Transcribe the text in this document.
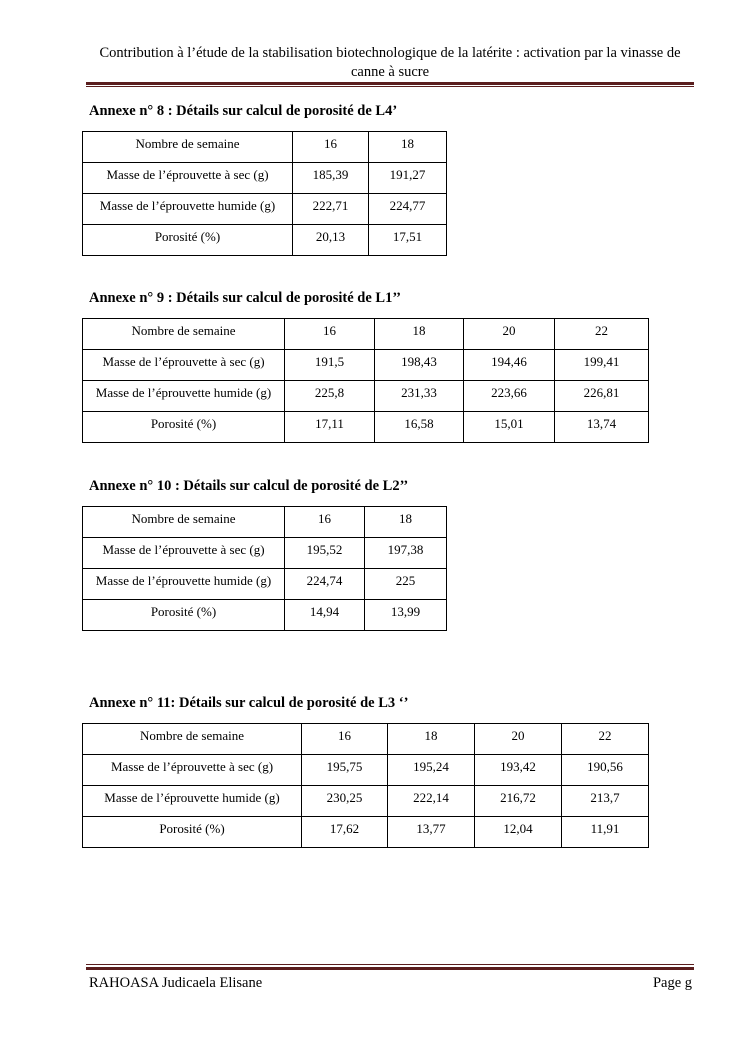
Contribution à l’étude de la stabilisation biotechnologique de la latérite : activation par la vinasse de canne à sucre
Annexe n° 8 : Détails sur calcul de porosité de L4’
Nombre de semaine	16	18
Masse de l’éprouvette à sec (g)	185,39	191,27
Masse de l’éprouvette humide (g)	222,71	224,77
Porosité (%)	20,13	17,51
Annexe n° 9 : Détails sur calcul de porosité de L1’’
Nombre de semaine	16	18	20	22
Masse de l’éprouvette à sec (g)	191,5	198,43	194,46	199,41
Masse de l’éprouvette humide (g)	225,8	231,33	223,66	226,81
Porosité (%)	17,11	16,58	15,01	13,74
Annexe n° 10 : Détails sur calcul de porosité de L2’’
Nombre de semaine	16	18
Masse de l’éprouvette à sec (g)	195,52	197,38
Masse de l’éprouvette humide (g)	224,74	225
Porosité (%)	14,94	13,99
Annexe n° 11: Détails sur calcul de porosité de L3 ‘’
Nombre de semaine	16	18	20	22
Masse de l’éprouvette à sec (g)	195,75	195,24	193,42	190,56
Masse de l’éprouvette humide (g)	230,25	222,14	216,72	213,7
Porosité (%)	17,62	13,77	12,04	11,91
RAHOASA Judicaela Elisane	Page g
